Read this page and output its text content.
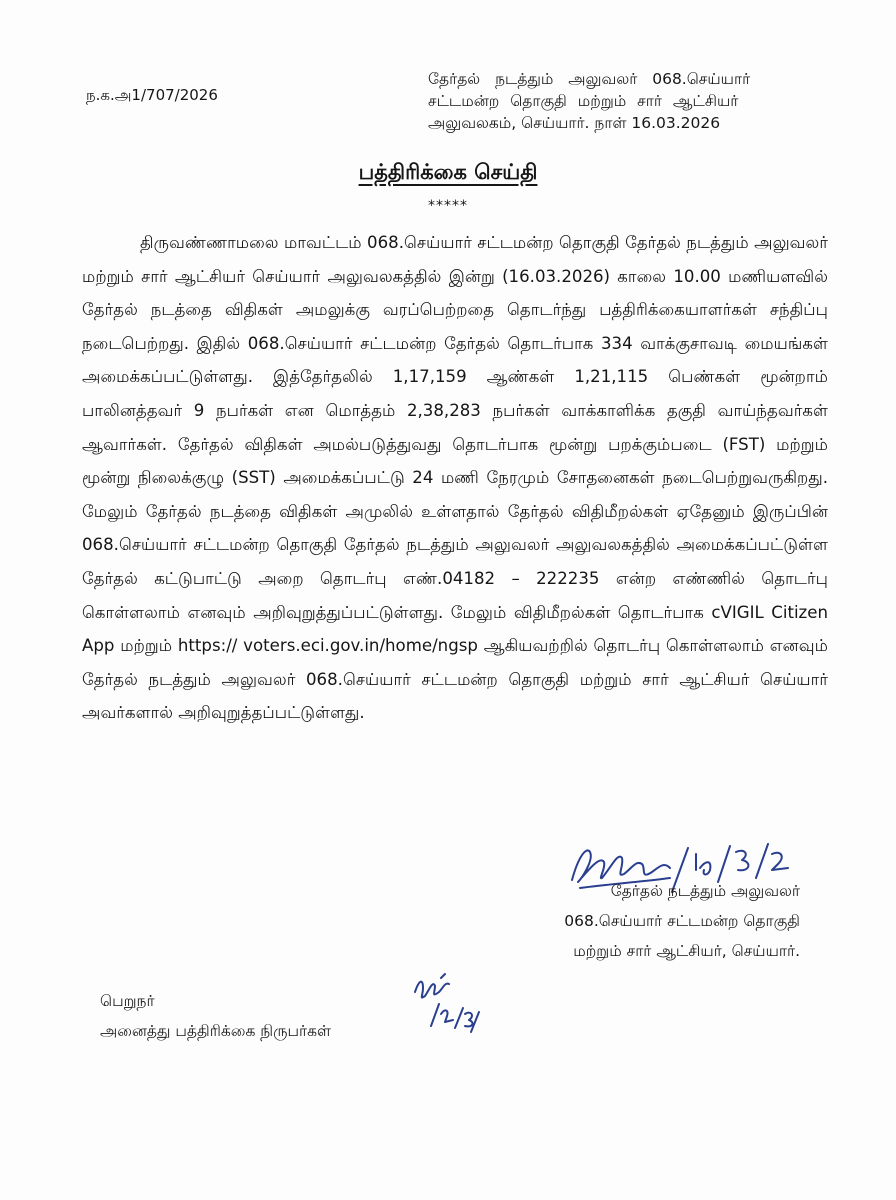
ந.க.அ1/707/2026
தேர்தல் நடத்தும் அலுவலர் 068.செய்யார்
சட்டமன்ற தொகுதி மற்றும் சார் ஆட்சியர்
அலுவலகம், செய்யார். நாள் 16.03.2026
பத்திரிக்கை செய்தி
*****

திருவண்ணாமலை மாவட்டம் 068.செய்யார் சட்டமன்ற தொகுதி தேர்தல் நடத்தும் அலுவலர் மற்றும் சார் ஆட்சியர் செய்யார் அலுவலகத்தில் இன்று (16.03.2026) காலை 10.00 மணியளவில் தேர்தல் நடத்தை விதிகள் அமலுக்கு வரப்பெற்றதை தொடர்ந்து பத்திரிக்கையாளர்கள் சந்திப்பு நடைபெற்றது. இதில் 068.செய்யார் சட்டமன்ற தேர்தல் தொடர்பாக 334 வாக்குசாவடி மையங்கள் அமைக்கப்பட்டுள்ளது. இத்தேர்தலில் 1,17,159 ஆண்கள் 1,21,115 பெண்கள் மூன்றாம் பாலினத்தவர் 9 நபர்கள் என மொத்தம் 2,38,283 நபர்கள் வாக்காளிக்க தகுதி வாய்ந்தவர்கள் ஆவார்கள். தேர்தல் விதிகள் அமல்படுத்துவது தொடர்பாக மூன்று பறக்கும்படை (FST) மற்றும் மூன்று நிலைக்குழு (SST) அமைக்கப்பட்டு 24 மணி நேரமும் சோதனைகள் நடைபெற்றுவருகிறது. மேலும் தேர்தல் நடத்தை விதிகள் அமுலில் உள்ளதால் தேர்தல் விதிமீறல்கள் ஏதேனும் இருப்பின் 068.செய்யார் சட்டமன்ற தொகுதி தேர்தல் நடத்தும் அலுவலர் அலுவலகத்தில் அமைக்கப்பட்டுள்ள தேர்தல் கட்டுபாட்டு அறை தொடர்பு எண்.04182 – 222235 என்ற எண்ணில் தொடர்பு கொள்ளலாம் எனவும் அறிவுறுத்துப்பட்டுள்ளது. மேலும் விதிமீறல்கள் தொடர்பாக cVIGIL Citizen App மற்றும் https:// voters.eci.gov.in/home/ngsp ஆகியவற்றில் தொடர்பு கொள்ளலாம் எனவும் தேர்தல் நடத்தும் அலுவலர் 068.செய்யார் சட்டமன்ற தொகுதி மற்றும் சார் ஆட்சியர் செய்யார் அவர்களால் அறிவுறுத்தப்பட்டுள்ளது.

தேர்தல் நடத்தும் அலுவலர்
068.செய்யார் சட்டமன்ற தொகுதி
மற்றும் சார் ஆட்சியர், செய்யார்.
பெறுநர்
அனைத்து பத்திரிக்கை நிருபர்கள்
